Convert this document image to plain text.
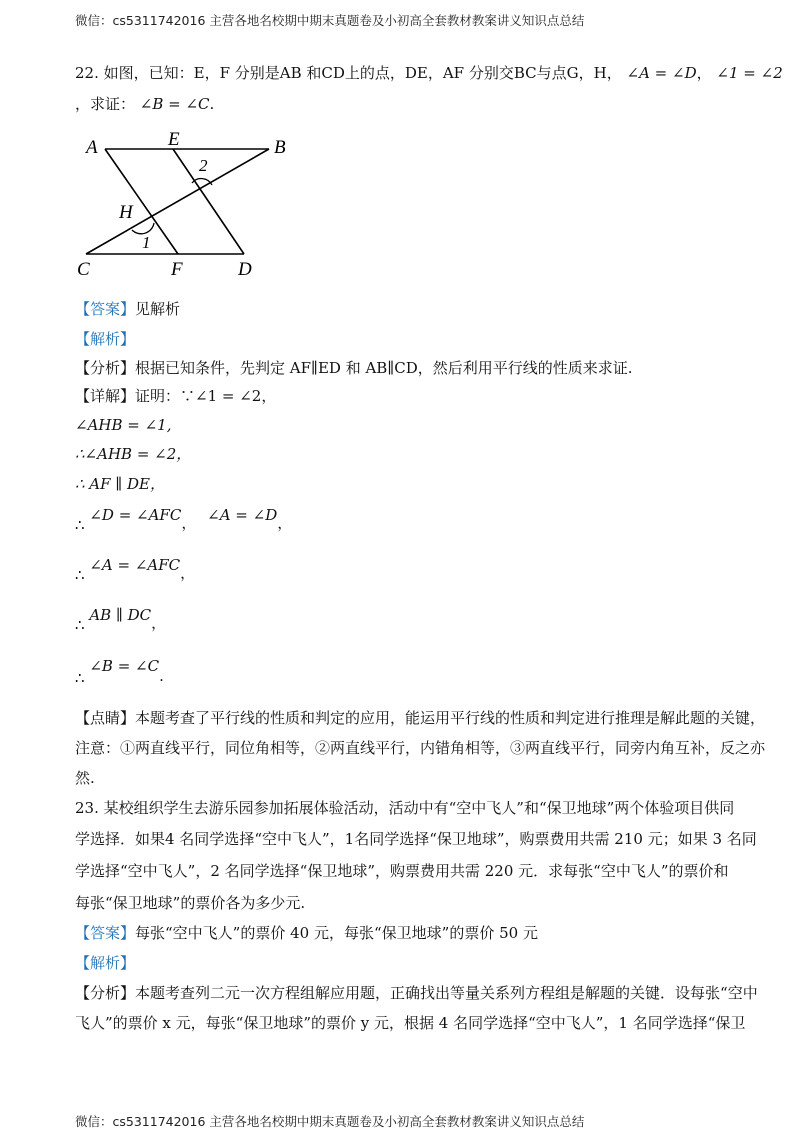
微信：cs5311742016 主营各地名校期中期末真题卷及小初高全套教材教案讲义知识点总结
22. 如图，已知：E，F 分别是AB 和CD上的点，DE，AF 分别交BC与点G，H， ∠A = ∠D， ∠1 = ∠2
，求证： ∠B = ∠C.
A	E	B
2
H
1
C	F	D
【答案】见解析
【解析】
【分析】根据已知条件，先判定 AF∥ED 和 AB∥CD，然后利用平行线的性质来求证.
【详解】证明：∵∠1 = ∠2，
∠AHB = ∠1,
∴∠AHB = ∠2，
∴ AF ∥ DE，
∴ ∠D = ∠AFC， ∠A = ∠D，
∴ ∠A = ∠AFC，
∴ AB ∥ DC，
∴ ∠B = ∠C.
【点睛】本题考查了平行线的性质和判定的应用，能运用平行线的性质和判定进行推理是解此题的关键，
注意：①两直线平行，同位角相等，②两直线平行，内错角相等，③两直线平行，同旁内角互补，反之亦
然.
23. 某校组织学生去游乐园参加拓展体验活动，活动中有“空中飞人”和“保卫地球”两个体验项目供同
学选择．如果4 名同学选择“空中飞人”，1名同学选择“保卫地球”，购票费用共需 210 元；如果 3 名同
学选择“空中飞人”，2 名同学选择“保卫地球”，购票费用共需 220 元．求每张“空中飞人”的票价和
每张“保卫地球”的票价各为多少元.
【答案】每张“空中飞人”的票价 40 元，每张“保卫地球”的票价 50 元
【解析】
【分析】本题考查列二元一次方程组解应用题，正确找出等量关系列方程组是解题的关键．设每张“空中
飞人”的票价 x 元，每张“保卫地球”的票价 y 元，根据 4 名同学选择“空中飞人”，1 名同学选择“保卫
微信：cs5311742016 主营各地名校期中期末真题卷及小初高全套教材教案讲义知识点总结
